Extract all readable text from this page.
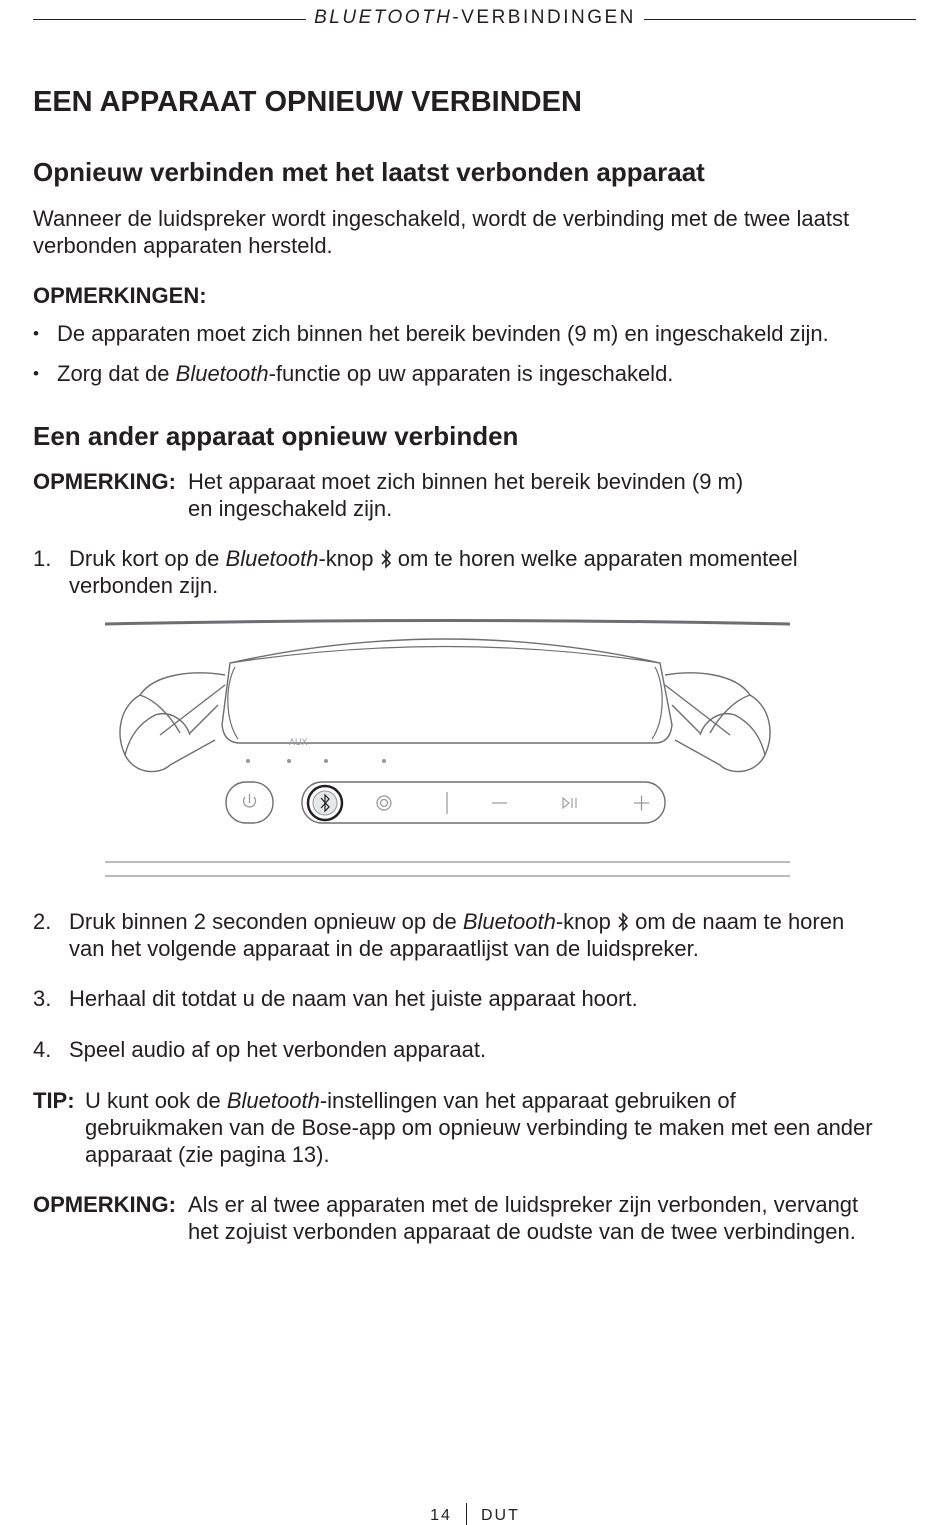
BLUETOOTH-VERBINDINGEN
EEN APPARAAT OPNIEUW VERBINDEN
Opnieuw verbinden met het laatst verbonden apparaat
Wanneer de luidspreker wordt ingeschakeld, wordt de verbinding met de twee laatst verbonden apparaten hersteld.
OPMERKINGEN:
• De apparaten moet zich binnen het bereik bevinden (9 m) en ingeschakeld zijn.
• Zorg dat de Bluetooth-functie op uw apparaten is ingeschakeld.
Een ander apparaat opnieuw verbinden
OPMERKING: Het apparaat moet zich binnen het bereik bevinden (9 m)
en ingeschakeld zijn.
1. Druk kort op de Bluetooth-knop  om te horen welke apparaten momenteel
verbonden zijn.
AUX
2. Druk binnen 2 seconden opnieuw op de Bluetooth-knop  om de naam te horen
van het volgende apparaat in de apparaatlijst van de luidspreker.
3. Herhaal dit totdat u de naam van het juiste apparaat hoort.
4. Speel audio af op het verbonden apparaat.
TIP: U kunt ook de Bluetooth-instellingen van het apparaat gebruiken of
gebruikmaken van de Bose-app om opnieuw verbinding te maken met een ander
apparaat (zie pagina 13).
OPMERKING: Als er al twee apparaten met de luidspreker zijn verbonden, vervangt
het zojuist verbonden apparaat de oudste van de twee verbindingen.
14 DUT
